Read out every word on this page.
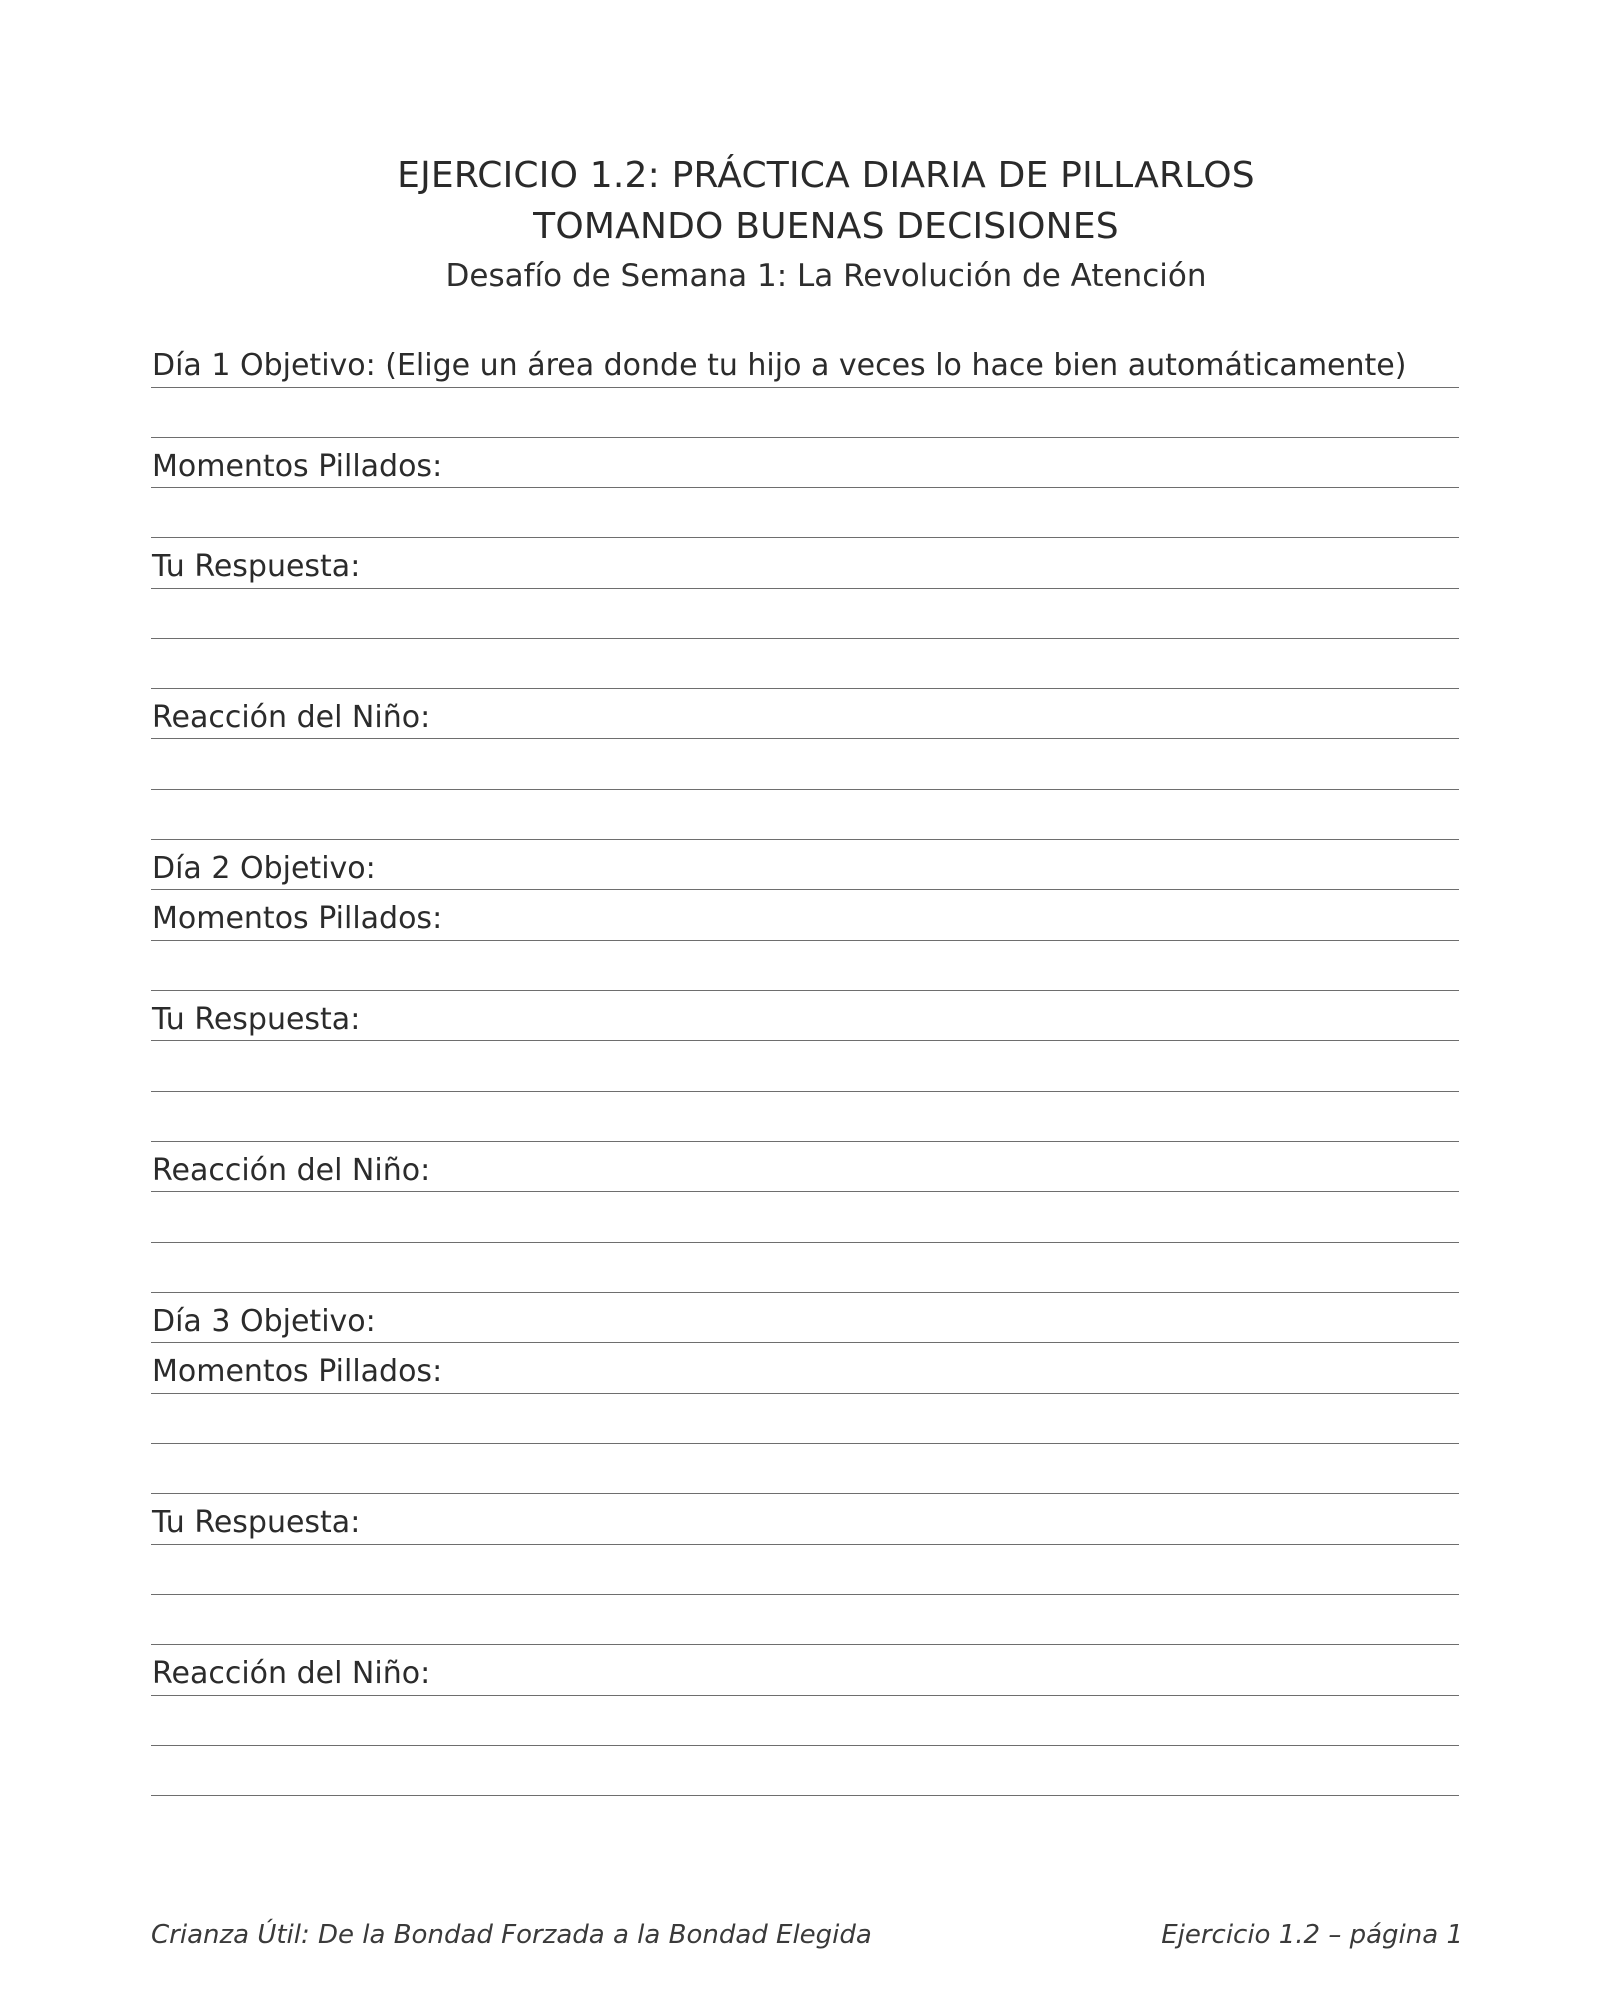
EJERCICIO 1.2: PRÁCTICA DIARIA DE PILLARLOS
TOMANDO BUENAS DECISIONES
Desafío de Semana 1: La Revolución de Atención
Día 1 Objetivo: (Elige un área donde tu hijo a veces lo hace bien automáticamente)
Momentos Pillados:
Tu Respuesta:
Reacción del Niño:
Día 2 Objetivo:
Momentos Pillados:
Tu Respuesta:
Reacción del Niño:
Día 3 Objetivo:
Momentos Pillados:
Tu Respuesta:
Reacción del Niño:
Crianza Útil: De la Bondad Forzada a la Bondad Elegida	Ejercicio 1.2 – página 1
